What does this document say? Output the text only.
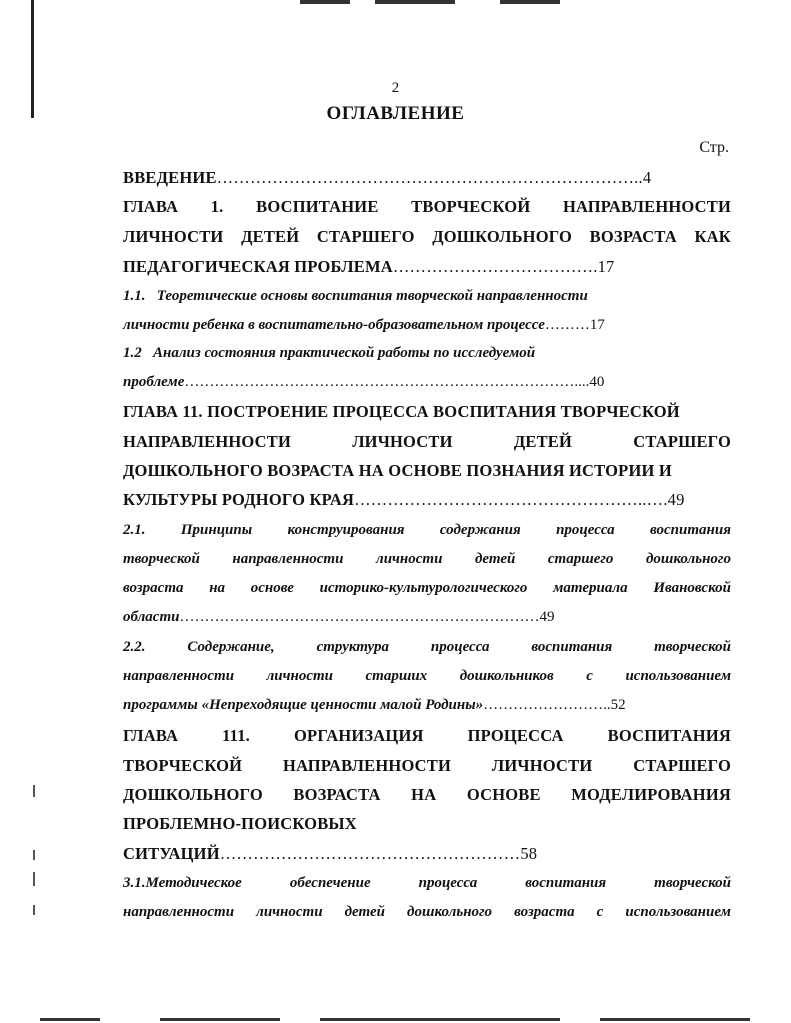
2
ОГЛАВЛЕНИЕ
Стр.
ВВЕДЕНИЕ…………………………………………………………………..4
ГЛАВА 1. ВОСПИТАНИЕ ТВОРЧЕСКОЙ НАПРАВЛЕННОСТИ
ЛИЧНОСТИ ДЕТЕЙ СТАРШЕГО ДОШКОЛЬНОГО ВОЗРАСТА КАК
ПЕДАГОГИЧЕСКАЯ ПРОБЛЕМА……………………………….17
1.1.   Теоретические основы воспитания творческой направленности
личности ребенка в воспитательно-образовательном процессе………17
1.2   Анализ состояния практической работы по исследуемой
проблеме……………………………………………………………………....40
ГЛАВА 11. ПОСТРОЕНИЕ ПРОЦЕССА ВОСПИТАНИЯ ТВОРЧЕСКОЙ
НАПРАВЛЕННОСТИ	ЛИЧНОСТИ	ДЕТЕЙ	СТАРШЕГО
ДОШКОЛЬНОГО ВОЗРАСТА НА ОСНОВЕ ПОЗНАНИЯ ИСТОРИИ И
КУЛЬТУРЫ РОДНОГО КРАЯ……………………………………………..….49
2.1. Принципы конструирования содержания процесса воспитания
творческой направленности личности детей старшего дошкольного
возраста на основе историко-культурологического материала Ивановской
области………………………………………………………………49
2.2.	Содержание,	структура	процесса	воспитания	творческой
направленности личности старших дошкольников с использованием
программы «Непреходящие ценности малой Родины»……………………..52
ГЛАВА	111.	ОРГАНИЗАЦИЯ	ПРОЦЕССА	ВОСПИТАНИЯ
ТВОРЧЕСКОЙ НАПРАВЛЕННОСТИ ЛИЧНОСТИ СТАРШЕГО
ДОШКОЛЬНОГО ВОЗРАСТА НА ОСНОВЕ МОДЕЛИРОВАНИЯ
ПРОБЛЕМНО-ПОИСКОВЫХ
СИТУАЦИЙ………………………………………………58
3.1.Методическое	обеспечение	процесса	воспитания	творческой
направленности личности детей дошкольного возраста с использованием
